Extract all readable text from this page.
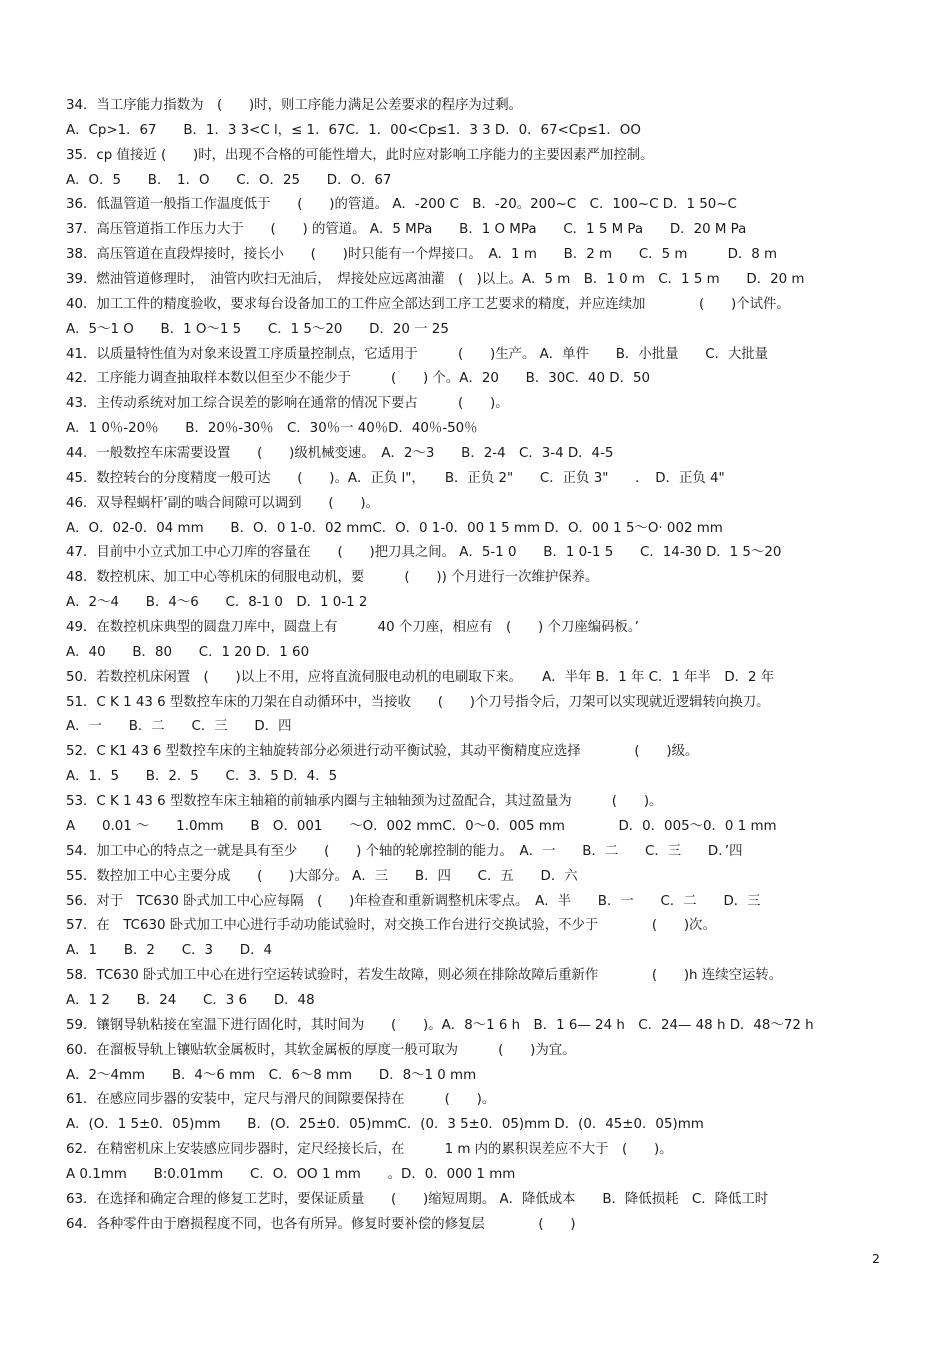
34．当工序能力指数为　(　　)时，则工序能力满足公差要求的程序为过剩。
A．Cp>1．67　　B．1．3 3<C l，≤ 1．67C．1．00<Cp≤1．3 3 D．0．67<Cp≤1．OO
35．cp 值接近 (　　)时，出现不合格的可能性增大，此时应对影响工序能力的主要因素严加控制。
A．O．5　　B．　1．O　　C．O．25　　D．O．67
36．低温管道一般指工作温度低于　　(　　)的管道。 A．-200 C　B．-20。200~C　C．100~C D．1 50~C
37．高压管道指工作压力大于　　(　　) 的管道。 A．5 MPa　　B．1 O MPa　　C．1 5 M Pa　　D．20 M Pa
38．高压管道在直段焊接时，接长小　　(　　)时只能有一个焊接口。　A．1 m　　B．2 m　　C．5 m　　　D．8 m
39．燃油管道修理时，　油管内吹扫无油后，　焊接处应远离油灌　(　)以上。A．5 m　B．1 0 m　C．1 5 m　　D．20 m
40．加工工件的精度验收，要求每台设备加工的工件应全部达到工序工艺要求的精度，并应连续加　　　　(　　)个试件。
A．5～1 O　　B．1 O～1 5　　C．1 5～20　　D．20 一 25
41．以质量特性值为对象来设置工序质量控制点，它适用于　　　(　　)生产。 A．单件　　B．小批量　　C．大批量
42．工序能力调查抽取样本数以但至少不能少于　　　(　　) 个。A．20　　B．30C．40 D．50
43．主传动系统对加工综合误差的影响在通常的情况下要占　　　(　　)。
A．1 0％-20％　　B．20％-30％　C．30％一 40％D．40％-50％
44．一般数控车床需要设置　　(　　)级机械变速。　A．2～3　　B．2-4　C．3-4 D．4-5
45．数控转台的分度精度一般可达　　(　　)。A．正负 l"，　　B．正负 2"　　C．正负 3"　　．　D．正负 4"
46．双导程蜗杆’副的啮合间隙可以调到　　(　　)。
A．O．02-0．04 mm　　B．O．0 1-0．02 mmC．O．0 1-0．00 1 5 mm D．O．00 1 5～O· 002 mm
47．目前中小立式加工中心刀库的容量在　　(　　)把刀具之间。 A．5-1 0　　B．1 0-1 5　　C．14-30 D．1 5～20
48．数控机床、加工中心等机床的伺服电动机，要　　　(　　)) 个月进行一次维护保养。
A．2～4　　B．4～6　　C．8-1 0　D．1 0-1 2
49．在数控机床典型的圆盘刀库中，圆盘上有　　　40 个刀座，相应有　(　　) 个刀座编码板。’
A．40　　B．80　　C．1 20 D．1 60
50．若数控机床闲置　(　　)以上不用，应将直流伺服电动机的电刷取下来。　　A．半年 B．1 年 C．1 年半　D．2 年
51．C K 1 43 6 型数控车床的刀架在自动循环中，当接收　　(　　)个刀号指令后，刀架可以实现就近逻辑转向换刀。
A．一　　B．二　　C．三　　D．四
52．C K1 43 6 型数控车床的主轴旋转部分必须进行动平衡试验，其动平衡精度应选择　　　　(　　)级。
A．1．5　　B．2．5　　C．3．5 D．4．5
53．C K 1 43 6 型数控车床主轴箱的前轴承内圈与主轴轴颈为过盈配合，其过盈量为　　　(　　)。
A　　0.01 ～　　1.0mm　　B　O．001　　～O．002 mmC．0～0．005 mm　　　　D．0．005～0．0 1 mm
54．加工中心的特点之一就是具有至少　　(　　) 个轴的轮廓控制的能力。　A．一　　B．二　　C．三　　D．’四
55．数控加工中心主要分成　　(　　)大部分。 A．三　　B．四　　C．五　　D．六
56．对于　TC630 卧式加工中心应每隔　(　　)年检查和重新调整机床零点。　A．半　　B．一　　C．二　　D．三
57．在　TC630 卧式加工中心进行手动功能试验时，对交换工作台进行交换试验，不少于　　　　(　　)次。
A．1　　B．2　　C．3　　D．4
58．TC630 卧式加工中心在进行空运转试验时，若发生故障，则必须在排除故障后重新作　　　　(　　)h 连续空运转。
A．1 2　　B．24　　C．3 6　　D．48
59．镶钢导轨粘接在室温下进行固化时，其时间为　　(　　)。A．8～1 6 h　B．1 6— 24 h　C．24— 48 h D．48～72 h
60．在溜板导轨上镶贴软金属板时，其软金属板的厚度一般可取为　　　(　　)为宜。
A．2～4mm　　B．4～6 mm　C．6～8 mm　　D．8～1 0 mm
61．在感应同步器的安装中，定尺与滑尺的间隙要保持在　　　(　　)。
A．(O．1 5±0．05)mm　　B．(O．25±0．05)mmC．(0．3 5±0．05)mm D．(0．45±0．05)mm
62．在精密机床上安装感应同步器时，定尺经接长后，在　　　1 m 内的累积误差应不大于　(　　)。
A 0.1mm　　B:0.01mm　　C．O．OO 1 mm　　。D．0．000 1 mm
63．在选择和确定合理的修复工艺时，要保证质量　　(　　)缩短周期。 A．降低成本　　B．降低损耗　C．降低工时
64．各种零件由于磨损程度不同，也各有所异。修复时要补偿的修复层　　　　(　　)
2
